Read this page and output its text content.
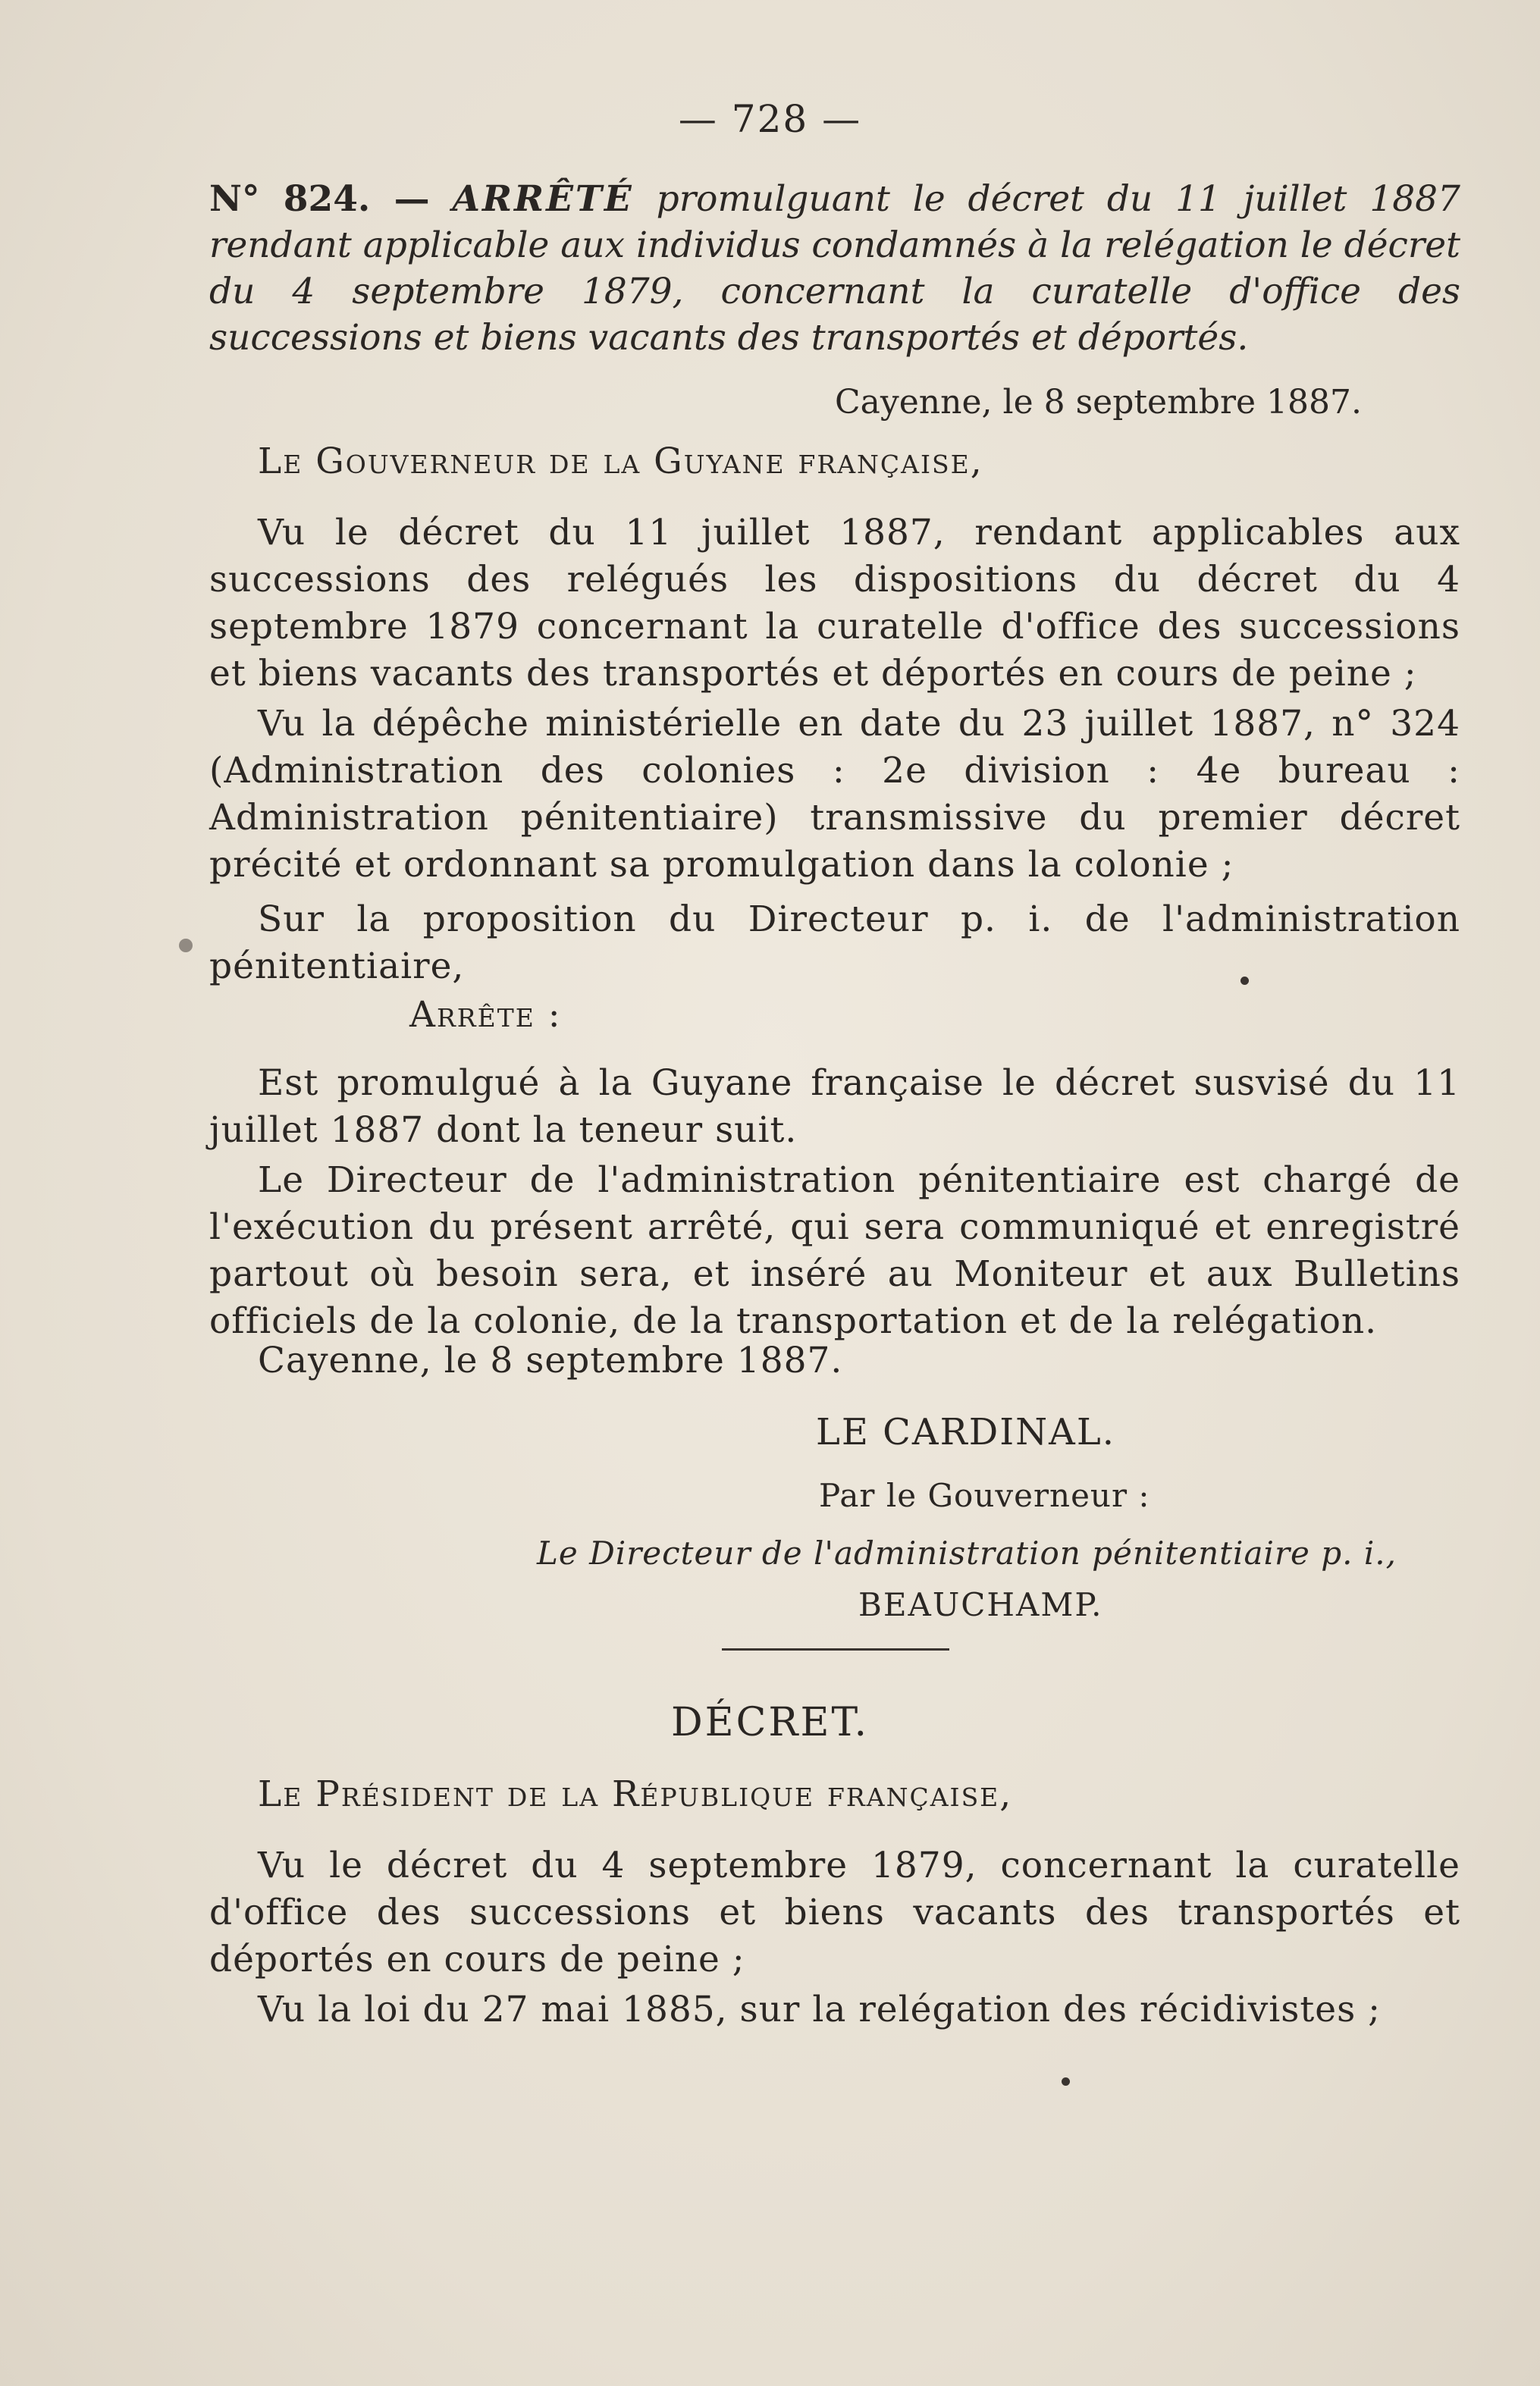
— 728 —
N° 824. — ARRÊTÉ promulguant le décret du 11 juillet 1887 rendant applicable aux individus condamnés à la relégation le décret du 4 septembre 1879, concernant la curatelle d'office des successions et biens vacants des transportés et déportés.
Cayenne, le 8 septembre 1887.
Le Gouverneur de la Guyane française,

Vu le décret du 11 juillet 1887, rendant applicables aux successions des relégués les dispositions du décret du 4 septembre 1879 concernant la curatelle d'office des successions et biens vacants des transportés et déportés en cours de peine ;

Vu la dépêche ministérielle en date du 23 juillet 1887, n° 324 (Administration des colonies : 2e division : 4e bureau : Administration pénitentiaire) transmissive du premier décret précité et ordonnant sa promulgation dans la colonie ;

Sur la proposition du Directeur p. i. de l'administration pénitentiaire,

Arrête :

Est promulgué à la Guyane française le décret susvisé du 11 juillet 1887 dont la teneur suit.

Le Directeur de l'administration pénitentiaire est chargé de l'exécution du présent arrêté, qui sera communiqué et enregistré partout où besoin sera, et inséré au Moniteur et aux Bulletins officiels de la colonie, de la transportation et de la relégation.

Cayenne, le 8 septembre 1887.
LE CARDINAL.
Par le Gouverneur :
Le Directeur de l'administration pénitentiaire p. i.,
BEAUCHAMP.
DÉCRET.
Le Président de la République française,

Vu le décret du 4 septembre 1879, concernant la curatelle d'office des successions et biens vacants des transportés et déportés en cours de peine ;

Vu la loi du 27 mai 1885, sur la relégation des récidivistes ;
